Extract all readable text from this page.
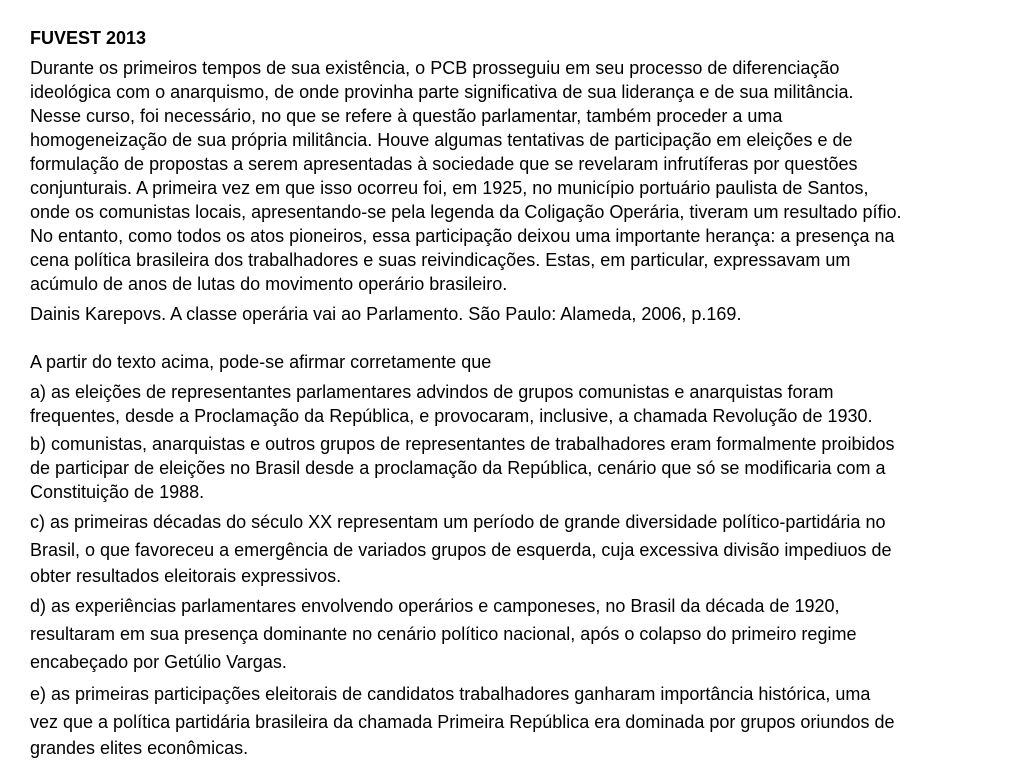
FUVEST 2013
Durante os primeiros tempos de sua existência, o PCB prosseguiu em seu processo de diferenciação
ideológica com o anarquismo, de onde provinha parte significativa de sua liderança e de sua militância.
Nesse curso, foi necessário, no que se refere à questão parlamentar, também proceder a uma
homogeneização de sua própria militância. Houve algumas tentativas de participação em eleições e de
formulação de propostas a serem apresentadas à sociedade que se revelaram infrutíferas por questões
conjunturais. A primeira vez em que isso ocorreu foi, em 1925, no município portuário paulista de Santos,
onde os comunistas locais, apresentando-se pela legenda da Coligação Operária, tiveram um resultado pífio.
No entanto, como todos os atos pioneiros, essa participação deixou uma importante herança: a presença na
cena política brasileira dos trabalhadores e suas reivindicações. Estas, em particular, expressavam um
acúmulo de anos de lutas do movimento operário brasileiro.
Dainis Karepovs. A classe operária vai ao Parlamento. São Paulo: Alameda, 2006, p.169.
A partir do texto acima, pode-se afirmar corretamente que
a) as eleições de representantes parlamentares advindos de grupos comunistas e anarquistas foram
frequentes, desde a Proclamação da República, e provocaram, inclusive, a chamada Revolução de 1930.
b) comunistas, anarquistas e outros grupos de representantes de trabalhadores eram formalmente proibidos
de participar de eleições no Brasil desde a proclamação da República, cenário que só se modificaria com a
Constituição de 1988.
c) as primeiras décadas do século XX representam um período de grande diversidade político-partidária no
Brasil, o que favoreceu a emergência de variados grupos de esquerda, cuja excessiva divisão impediuos de
obter resultados eleitorais expressivos.
d) as experiências parlamentares envolvendo operários e camponeses, no Brasil da década de 1920,
resultaram em sua presença dominante no cenário político nacional, após o colapso do primeiro regime
encabeçado por Getúlio Vargas.
e) as primeiras participações eleitorais de candidatos trabalhadores ganharam importância histórica, uma
vez que a política partidária brasileira da chamada Primeira República era dominada por grupos oriundos de
grandes elites econômicas.
